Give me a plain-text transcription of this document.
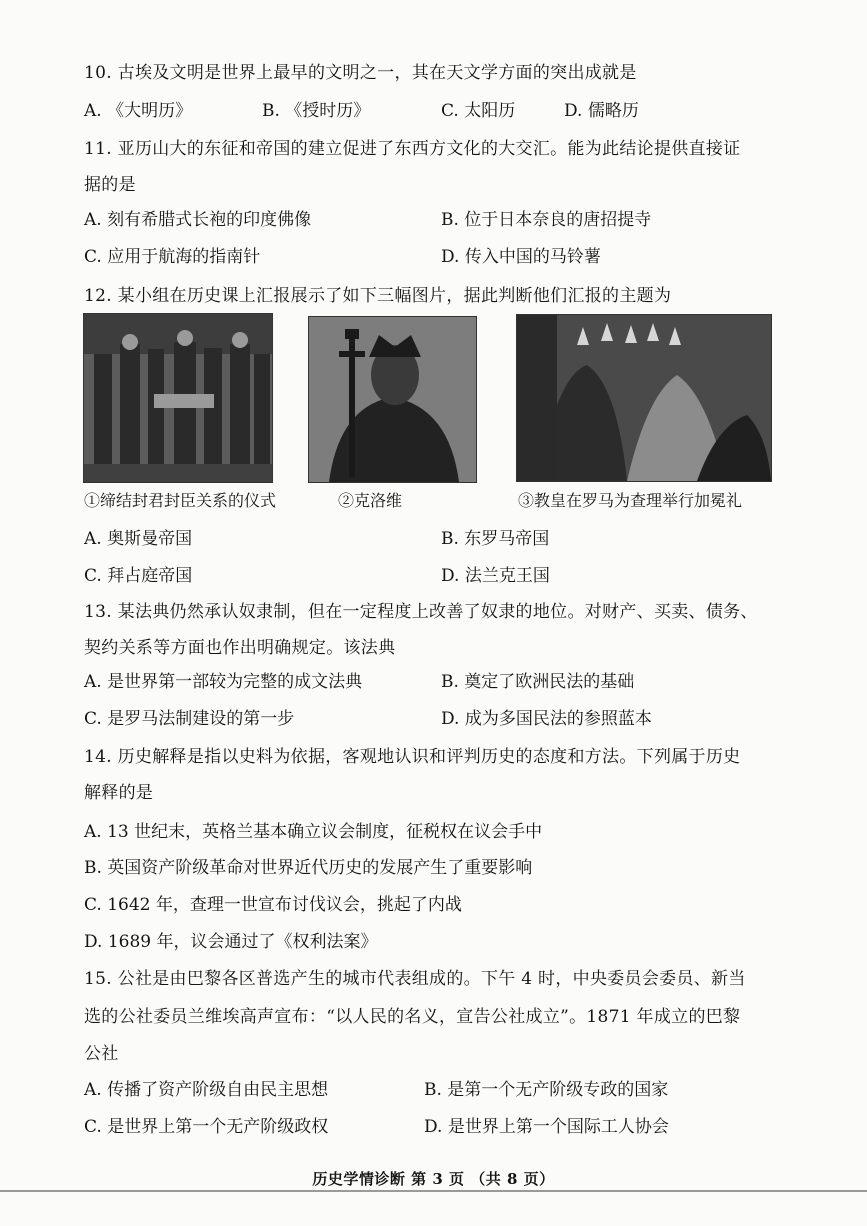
10. 古埃及文明是世界上最早的文明之一，其在天文学方面的突出成就是
A. 《大明历》	B. 《授时历》	C. 太阳历	D. 儒略历
11. 亚历山大的东征和帝国的建立促进了东西方文化的大交汇。能为此结论提供直接证
据的是
A. 刻有希腊式长袍的印度佛像	B. 位于日本奈良的唐招提寺
C. 应用于航海的指南针	D. 传入中国的马铃薯
12. 某小组在历史课上汇报展示了如下三幅图片，据此判断他们汇报的主题为
①缔结封君封臣关系的仪式	②克洛维	③教皇在罗马为查理举行加冕礼
A. 奥斯曼帝国	B. 东罗马帝国
C. 拜占庭帝国	D. 法兰克王国
13. 某法典仍然承认奴隶制，但在一定程度上改善了奴隶的地位。对财产、买卖、债务、
契约关系等方面也作出明确规定。该法典
A. 是世界第一部较为完整的成文法典	B. 奠定了欧洲民法的基础
C. 是罗马法制建设的第一步	D. 成为多国民法的参照蓝本
14. 历史解释是指以史料为依据，客观地认识和评判历史的态度和方法。下列属于历史
解释的是
A. 13 世纪末，英格兰基本确立议会制度，征税权在议会手中
B. 英国资产阶级革命对世界近代历史的发展产生了重要影响
C. 1642 年，查理一世宣布讨伐议会，挑起了内战
D. 1689 年，议会通过了《权利法案》
15. 公社是由巴黎各区普选产生的城市代表组成的。下午 4 时，中央委员会委员、新当
选的公社委员兰维埃高声宣布：“以人民的名义，宣告公社成立”。1871 年成立的巴黎
公社
A. 传播了资产阶级自由民主思想	B. 是第一个无产阶级专政的国家
C. 是世界上第一个无产阶级政权	D. 是世界上第一个国际工人协会
历史学情诊断 第 3 页 （共 8 页）
